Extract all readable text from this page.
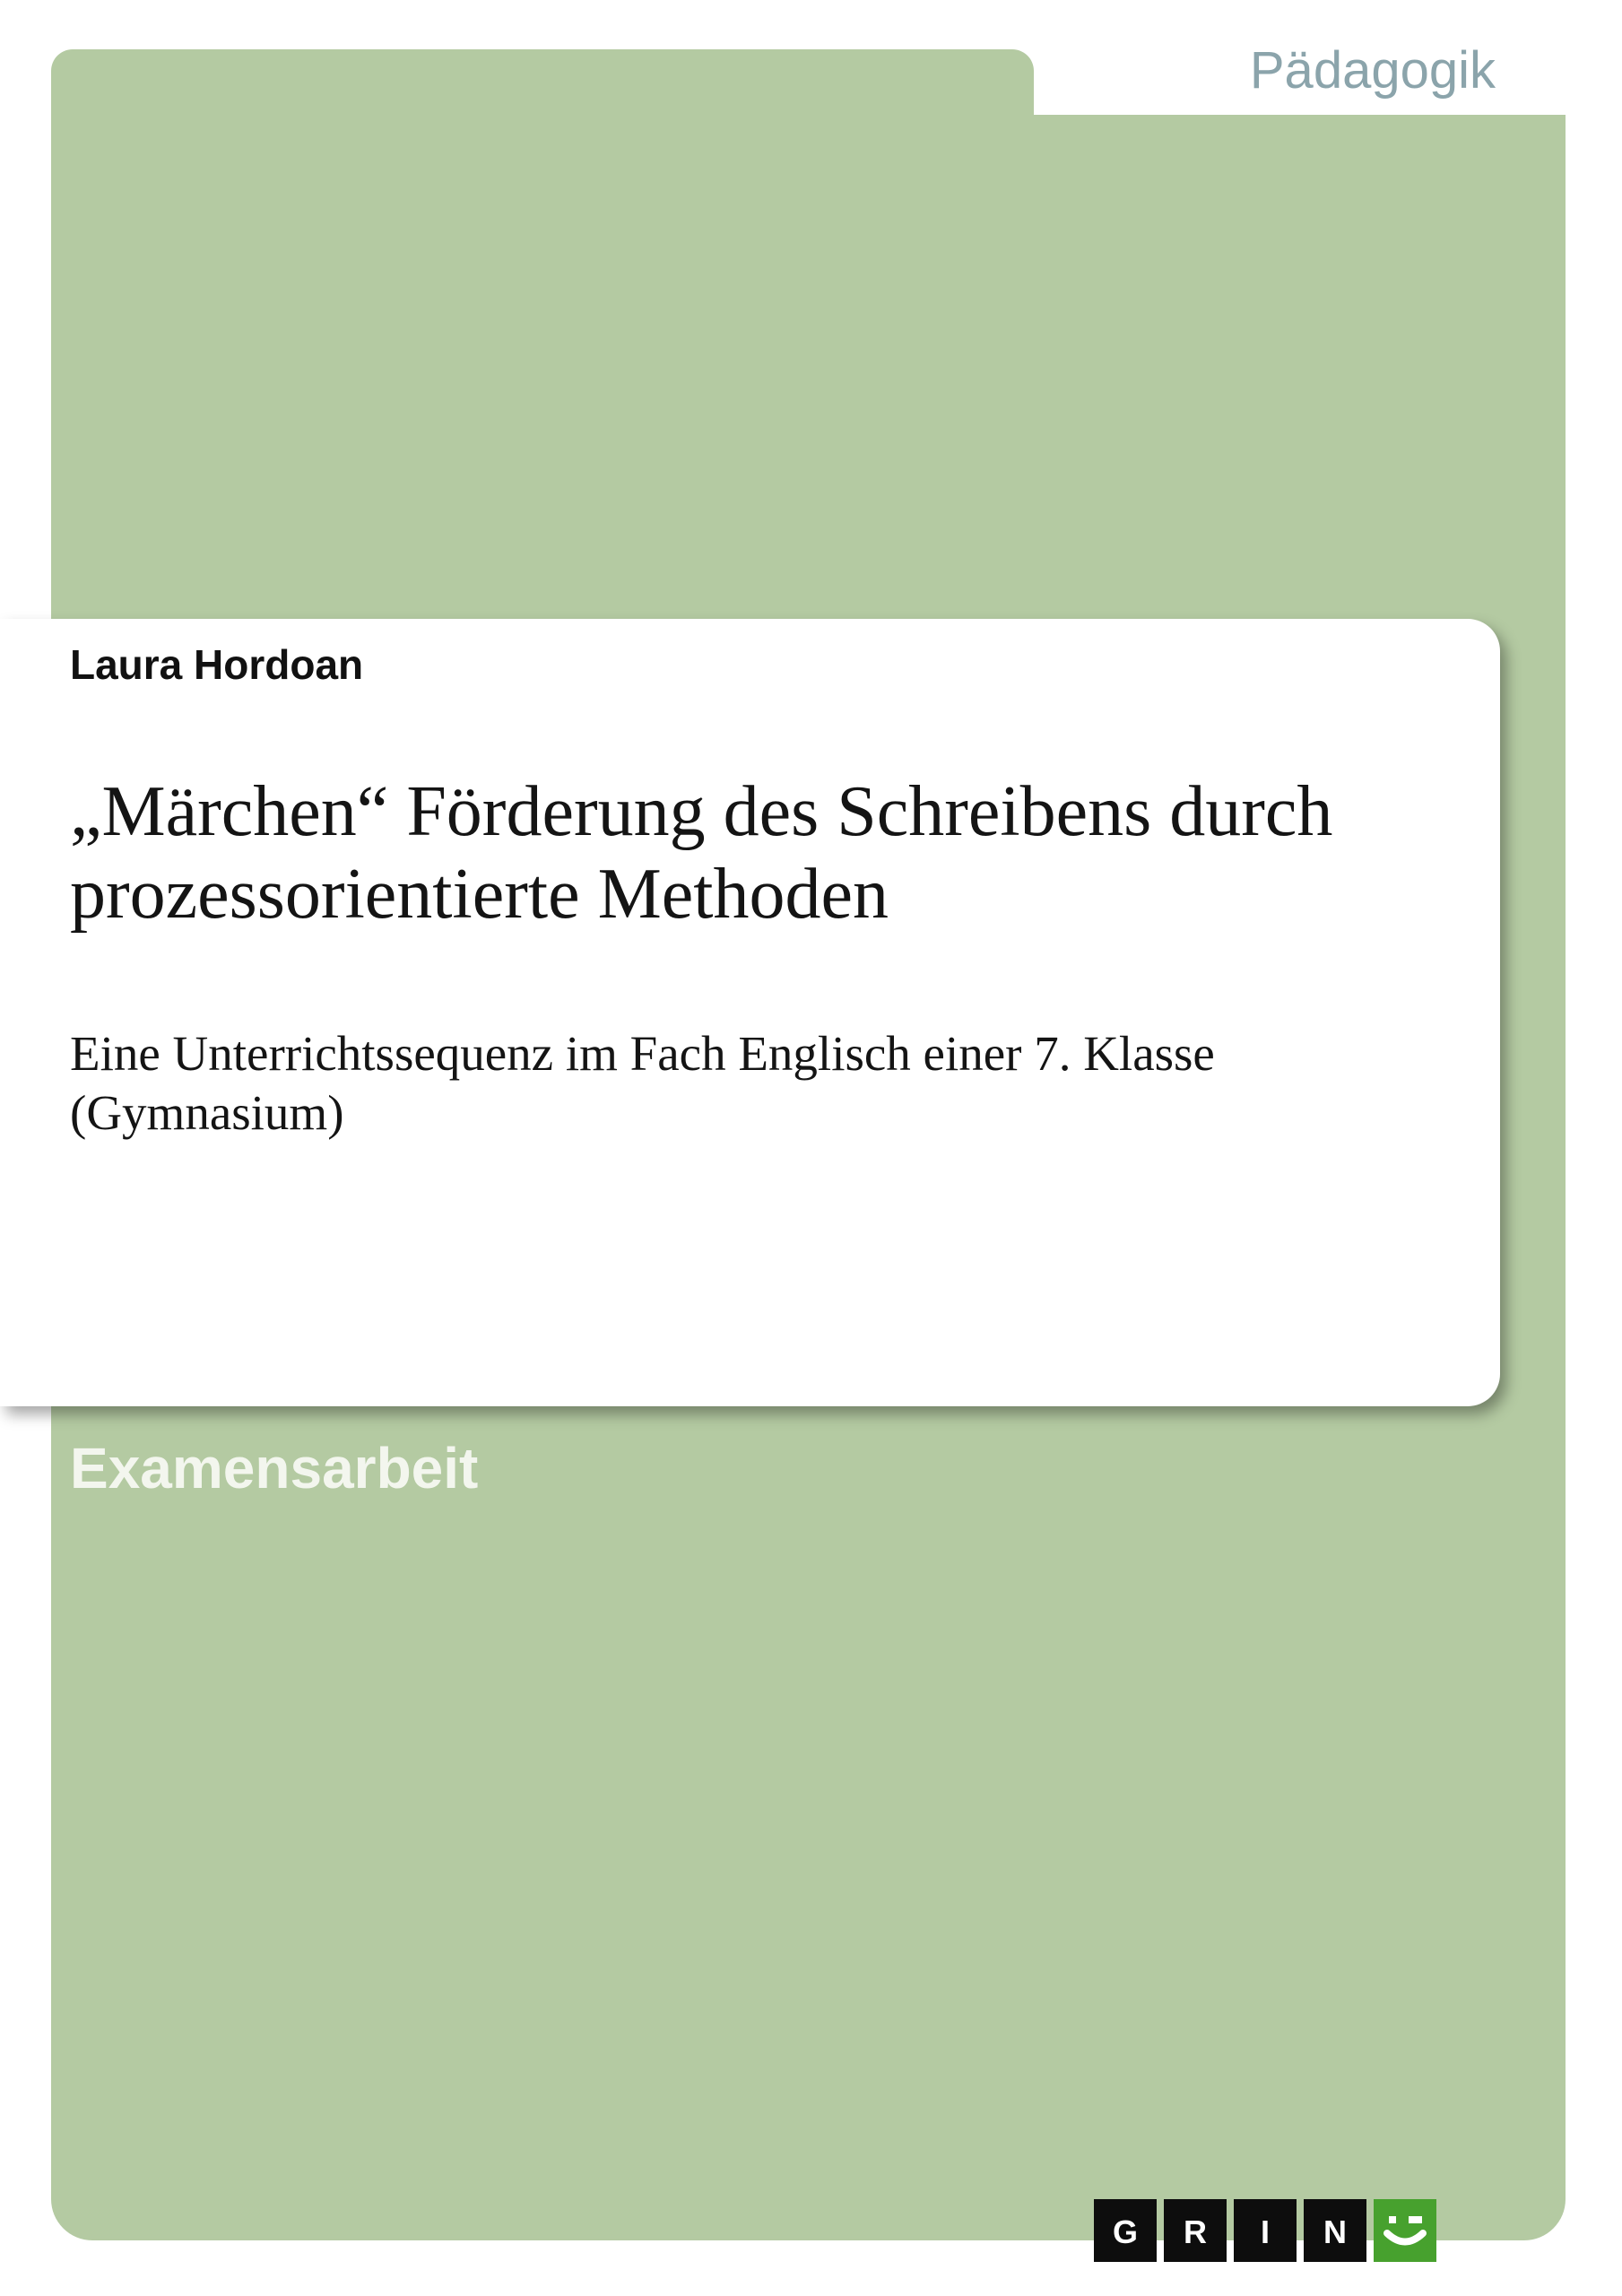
Pädagogik
Laura Hordoan
„Märchen“ Förderung des Schreibens durch
prozessorientierte Methoden
Eine Unterrichtssequenz im Fach Englisch einer 7. Klasse
(Gymnasium)
Examensarbeit
G R I N
